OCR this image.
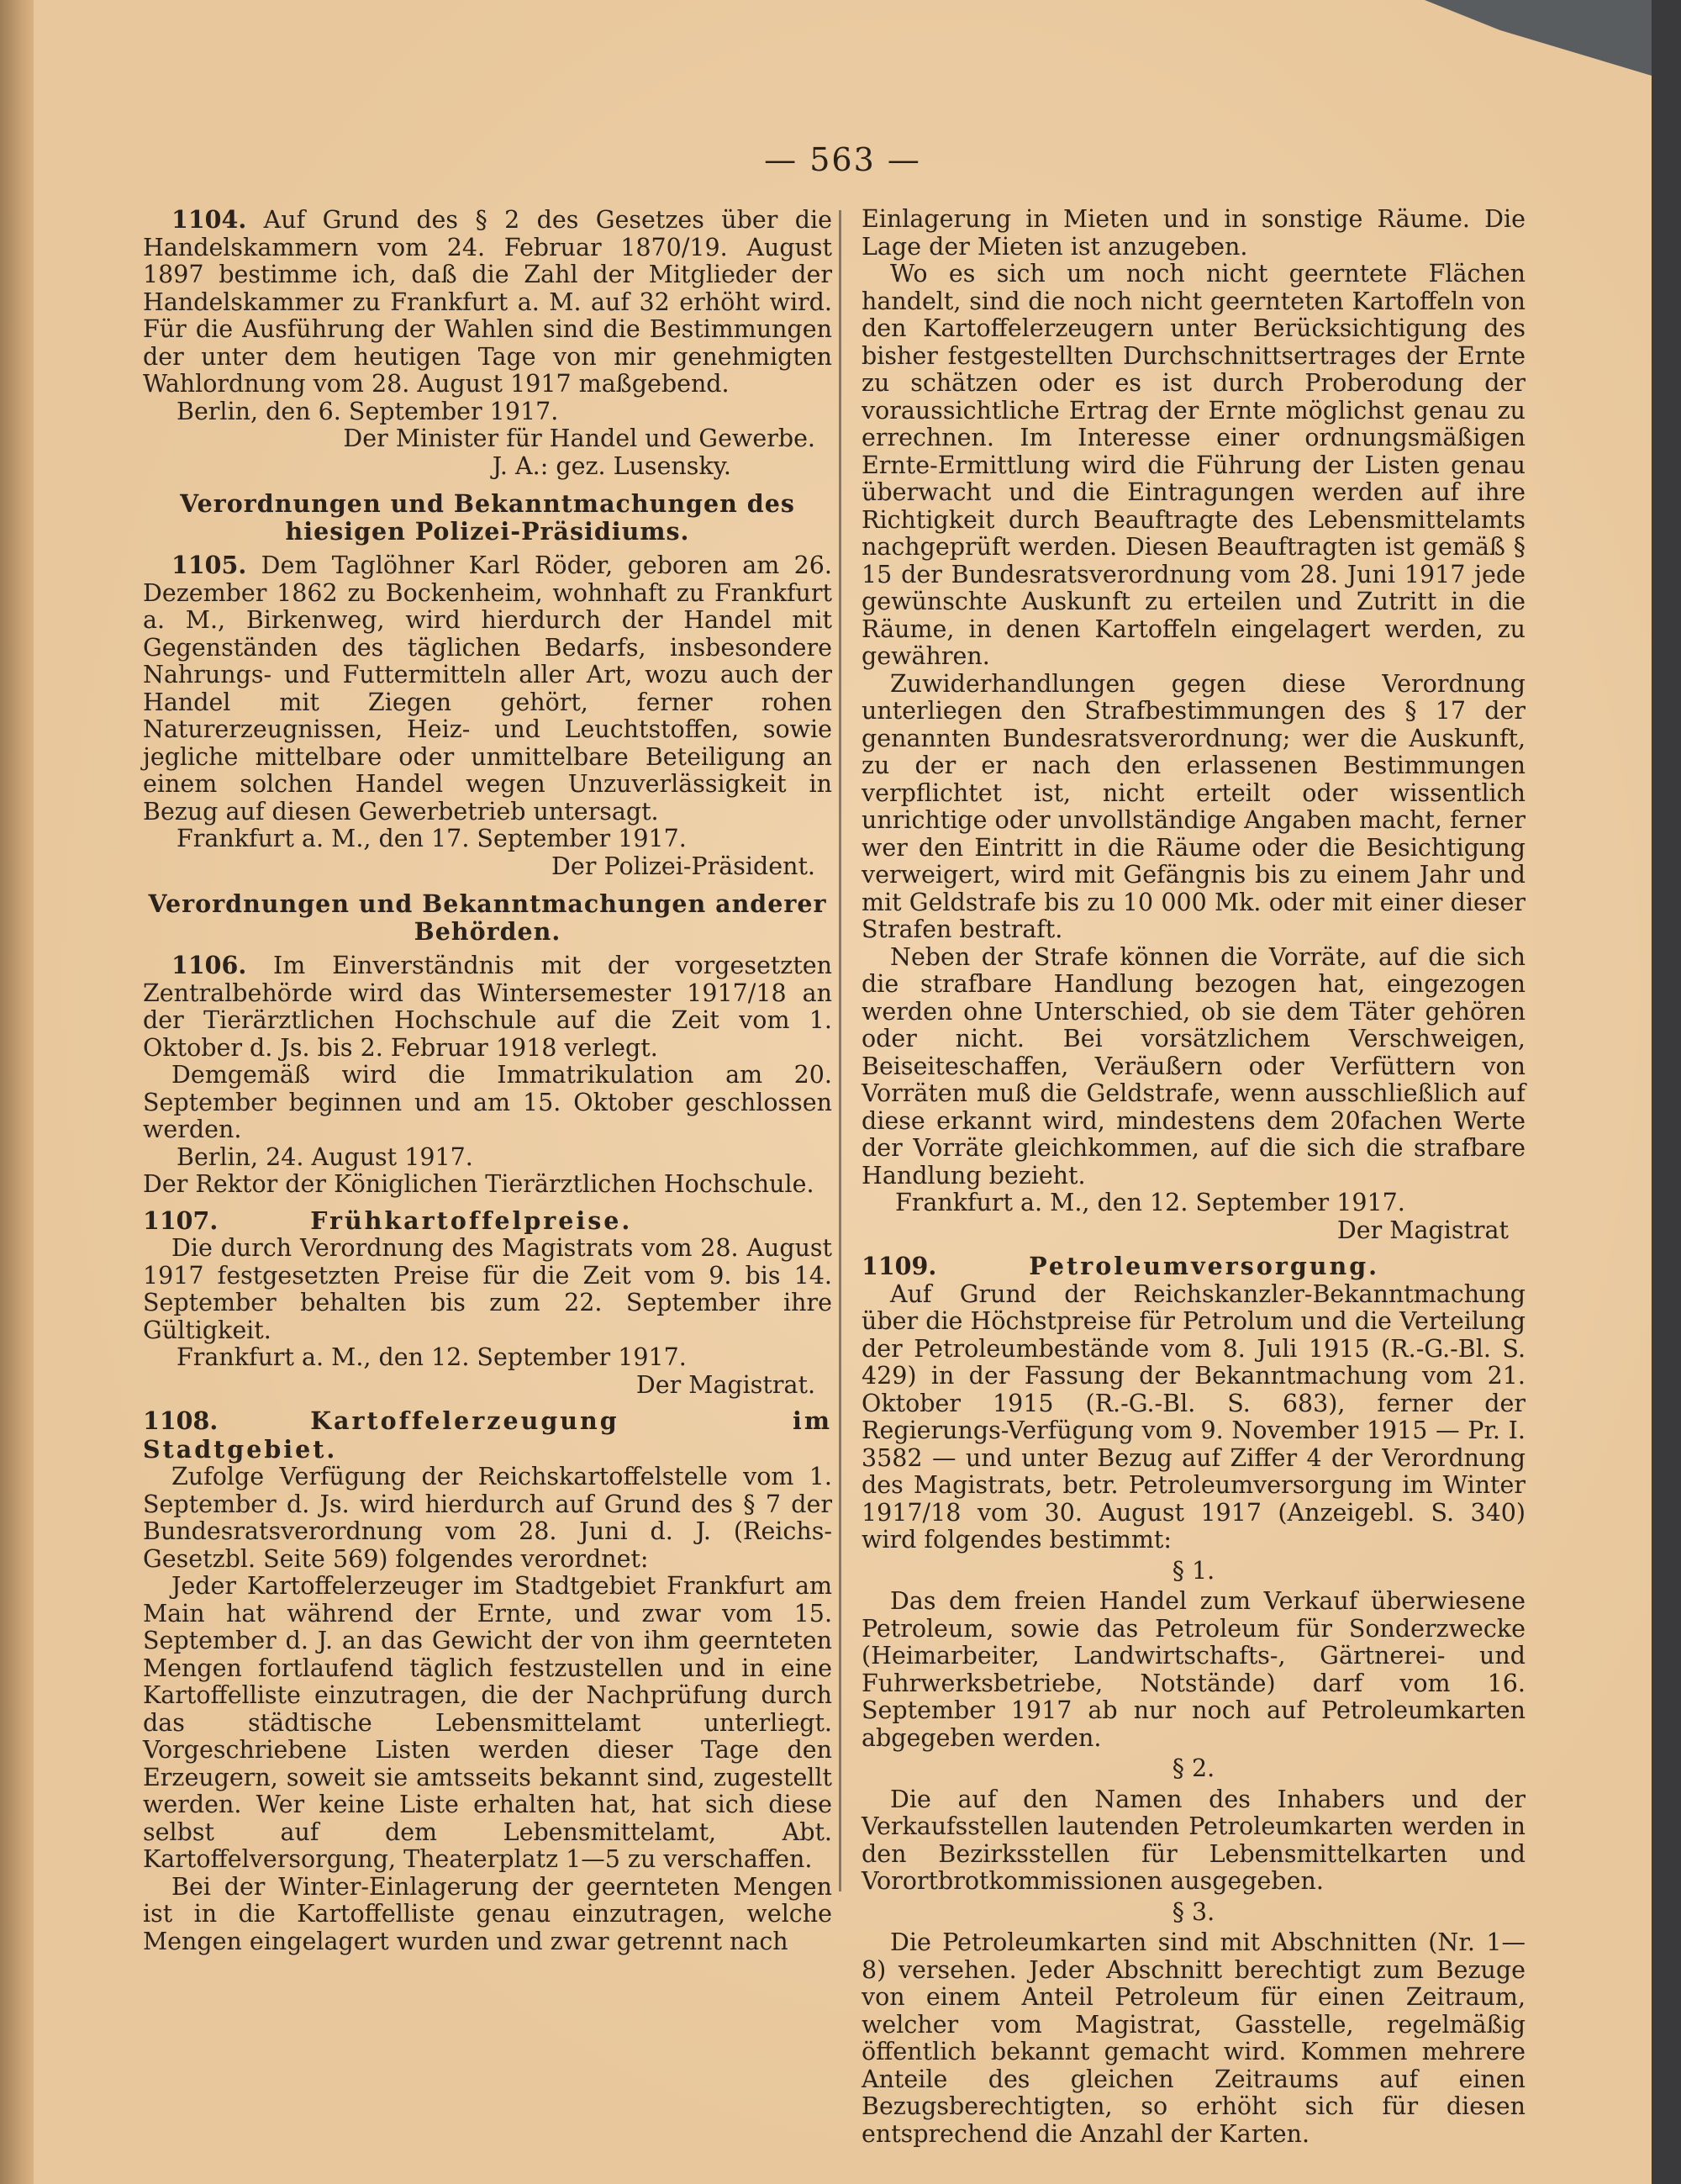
— 563 —

1104. Auf Grund des § 2 des Gesetzes über die Handelskammern vom 24. Februar 1870/19. August 1897 bestimme ich, daß die Zahl der Mitglieder der Handelskammer zu Frankfurt a. M. auf 32 erhöht wird. Für die Ausführung der Wahlen sind die Bestimmungen der unter dem heutigen Tage von mir genehmigten Wahlordnung vom 28. August 1917 maßgebend.

Berlin, den 6. September 1917.

Der Minister für Handel und Gewerbe.

J. A.: gez. Lusensky.

Verordnungen und Bekanntmachungen des hiesigen Polizei-Präsidiums.

1105. Dem Taglöhner Karl Röder, geboren am 26. Dezember 1862 zu Bockenheim, wohnhaft zu Frankfurt a. M., Birkenweg, wird hierdurch der Handel mit Gegenständen des täglichen Bedarfs, insbesondere Nahrungs- und Futtermitteln aller Art, wozu auch der Handel mit Ziegen gehört, ferner rohen Naturerzeugnissen, Heiz- und Leuchtstoffen, sowie jegliche mittelbare oder unmittelbare Beteiligung an einem solchen Handel wegen Unzuverlässigkeit in Bezug auf diesen Gewerbetrieb untersagt.

Frankfurt a. M., den 17. September 1917.

Der Polizei-Präsident.

Verordnungen und Bekanntmachungen anderer Behörden.

1106. Im Einverständnis mit der vorgesetzten Zentralbehörde wird das Wintersemester 1917/18 an der Tierärztlichen Hochschule auf die Zeit vom 1. Oktober d. Js. bis 2. Februar 1918 verlegt.

Demgemäß wird die Immatrikulation am 20. September beginnen und am 15. Oktober geschlossen werden.

Berlin, 24. August 1917.

Der Rektor der Königlichen Tierärztlichen Hochschule.

1107.	Frühkartoffelpreise.

Die durch Verordnung des Magistrats vom 28. August 1917 festgesetzten Preise für die Zeit vom 9. bis 14. September behalten bis zum 22. September ihre Gültigkeit.

Frankfurt a. M., den 12. September 1917.

Der Magistrat.

1108.	Kartoffelerzeugung im Stadtgebiet.

Zufolge Verfügung der Reichskartoffelstelle vom 1. September d. Js. wird hierdurch auf Grund des § 7 der Bundesratsverordnung vom 28. Juni d. J. (Reichs-Gesetzbl. Seite 569) folgendes verordnet:

Jeder Kartoffelerzeuger im Stadtgebiet Frankfurt am Main hat während der Ernte, und zwar vom 15. September d. J. an das Gewicht der von ihm geernteten Mengen fortlaufend täglich festzustellen und in eine Kartoffelliste einzutragen, die der Nachprüfung durch das städtische Lebensmittelamt unterliegt. Vorgeschriebene Listen werden dieser Tage den Erzeugern, soweit sie amtsseits bekannt sind, zugestellt werden. Wer keine Liste erhalten hat, hat sich diese selbst auf dem Lebensmittelamt, Abt. Kartoffelversorgung, Theaterplatz 1—5 zu verschaffen.

Bei der Winter-Einlagerung der geernteten Mengen ist in die Kartoffelliste genau einzutragen, welche Mengen eingelagert wurden und zwar getrennt nach

Einlagerung in Mieten und in sonstige Räume. Die Lage der Mieten ist anzugeben.

Wo es sich um noch nicht geerntete Flächen handelt, sind die noch nicht geernteten Kartoffeln von den Kartoffelerzeugern unter Berücksichtigung des bisher festgestellten Durchschnittsertrages der Ernte zu schätzen oder es ist durch Proberodung der voraussichtliche Ertrag der Ernte möglichst genau zu errechnen. Im Interesse einer ordnungsmäßigen Ernte-Ermittlung wird die Führung der Listen genau überwacht und die Eintragungen werden auf ihre Richtigkeit durch Beauftragte des Lebensmittelamts nachgeprüft werden. Diesen Beauftragten ist gemäß § 15 der Bundesratsverordnung vom 28. Juni 1917 jede gewünschte Auskunft zu erteilen und Zutritt in die Räume, in denen Kartoffeln eingelagert werden, zu gewähren.

Zuwiderhandlungen gegen diese Verordnung unterliegen den Strafbestimmungen des § 17 der genannten Bundesratsverordnung; wer die Auskunft, zu der er nach den erlassenen Bestimmungen verpflichtet ist, nicht erteilt oder wissentlich unrichtige oder unvollständige Angaben macht, ferner wer den Eintritt in die Räume oder die Besichtigung verweigert, wird mit Gefängnis bis zu einem Jahr und mit Geldstrafe bis zu 10 000 Mk. oder mit einer dieser Strafen bestraft.

Neben der Strafe können die Vorräte, auf die sich die strafbare Handlung bezogen hat, eingezogen werden ohne Unterschied, ob sie dem Täter gehören oder nicht. Bei vorsätzlichem Verschweigen, Beiseiteschaffen, Veräußern oder Verfüttern von Vorräten muß die Geldstrafe, wenn ausschließlich auf diese erkannt wird, mindestens dem 20fachen Werte der Vorräte gleichkommen, auf die sich die strafbare Handlung bezieht.

Frankfurt a. M., den 12. September 1917.

Der Magistrat

1109.	Petroleumversorgung.

Auf Grund der Reichskanzler-Bekanntmachung über die Höchstpreise für Petrolum und die Verteilung der Petroleumbestände vom 8. Juli 1915 (R.-G.-Bl. S. 429) in der Fassung der Bekanntmachung vom 21. Oktober 1915 (R.-G.-Bl. S. 683), ferner der Regierungs-Verfügung vom 9. November 1915 — Pr. I. 3582 — und unter Bezug auf Ziffer 4 der Verordnung des Magistrats, betr. Petroleumversorgung im Winter 1917/18 vom 30. August 1917 (Anzeigebl. S. 340) wird folgendes bestimmt:

§ 1.

Das dem freien Handel zum Verkauf überwiesene Petroleum, sowie das Petroleum für Sonderzwecke (Heimarbeiter, Landwirtschafts-, Gärtnerei- und Fuhrwerksbetriebe, Notstände) darf vom 16. September 1917 ab nur noch auf Petroleumkarten abgegeben werden.

§ 2.

Die auf den Namen des Inhabers und der Verkaufsstellen lautenden Petroleumkarten werden in den Bezirksstellen für Lebensmittelkarten und Vorortbrotkommissionen ausgegeben.

§ 3.

Die Petroleumkarten sind mit Abschnitten (Nr. 1—8) versehen. Jeder Abschnitt berechtigt zum Bezuge von einem Anteil Petroleum für einen Zeitraum, welcher vom Magistrat, Gasstelle, regelmäßig öffentlich bekannt gemacht wird. Kommen mehrere Anteile des gleichen Zeitraums auf einen Bezugsberechtigten, so erhöht sich für diesen entsprechend die Anzahl der Karten.
